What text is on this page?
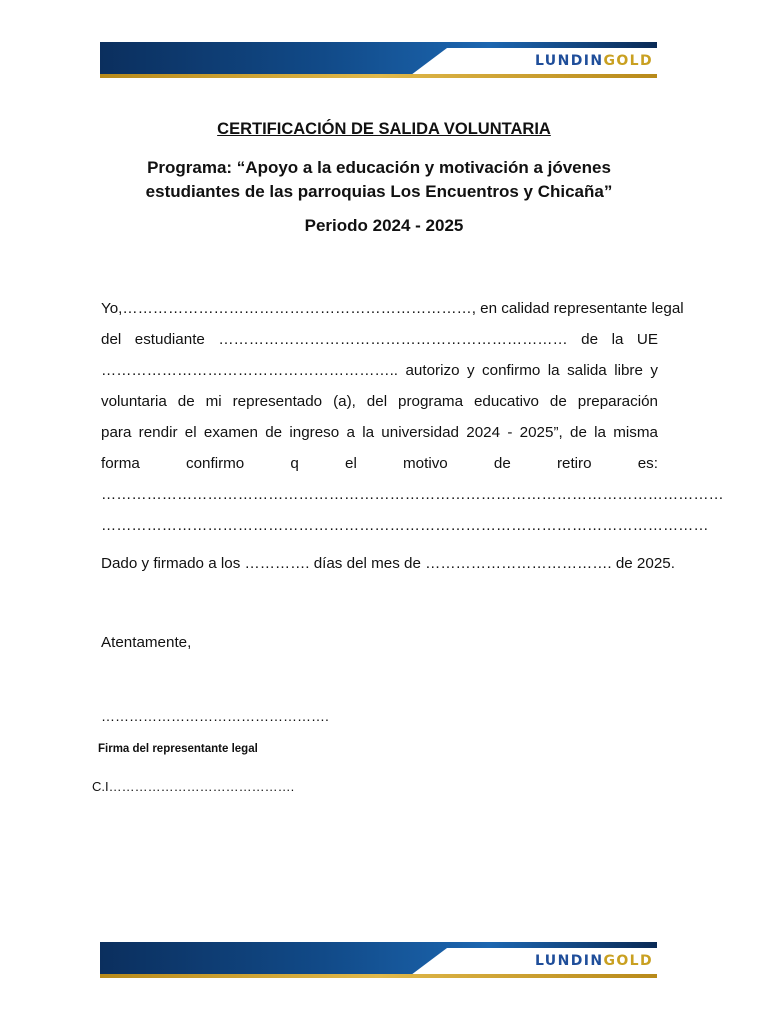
LUNDINGOLD
CERTIFICACIÓN DE SALIDA VOLUNTARIA
Programa: “Apoyo a la educación y motivación a jóvenes estudiantes de las parroquias Los Encuentros y Chicaña”
Periodo 2024 - 2025
Yo,……………………………………………………………, en calidad representante legal
del estudiante …………………………………………………………… de la UE
………………………………………………….. autorizo y confirmo la salida libre y
voluntaria de mi representado (a), del programa educativo de preparación
para rendir el examen de ingreso a la universidad 2024 - 2025”, de la misma
forma confirmo q el motivo de retiro es:
……………………………………………………………………………………………………………
…………………………………………………………………………………………………………
Dado y firmado a los …………. días del mes de ………………………………. de 2025.
Atentamente,
………………………………………….
Firma del representante legal
C.I…………………………………….
LUNDINGOLD
